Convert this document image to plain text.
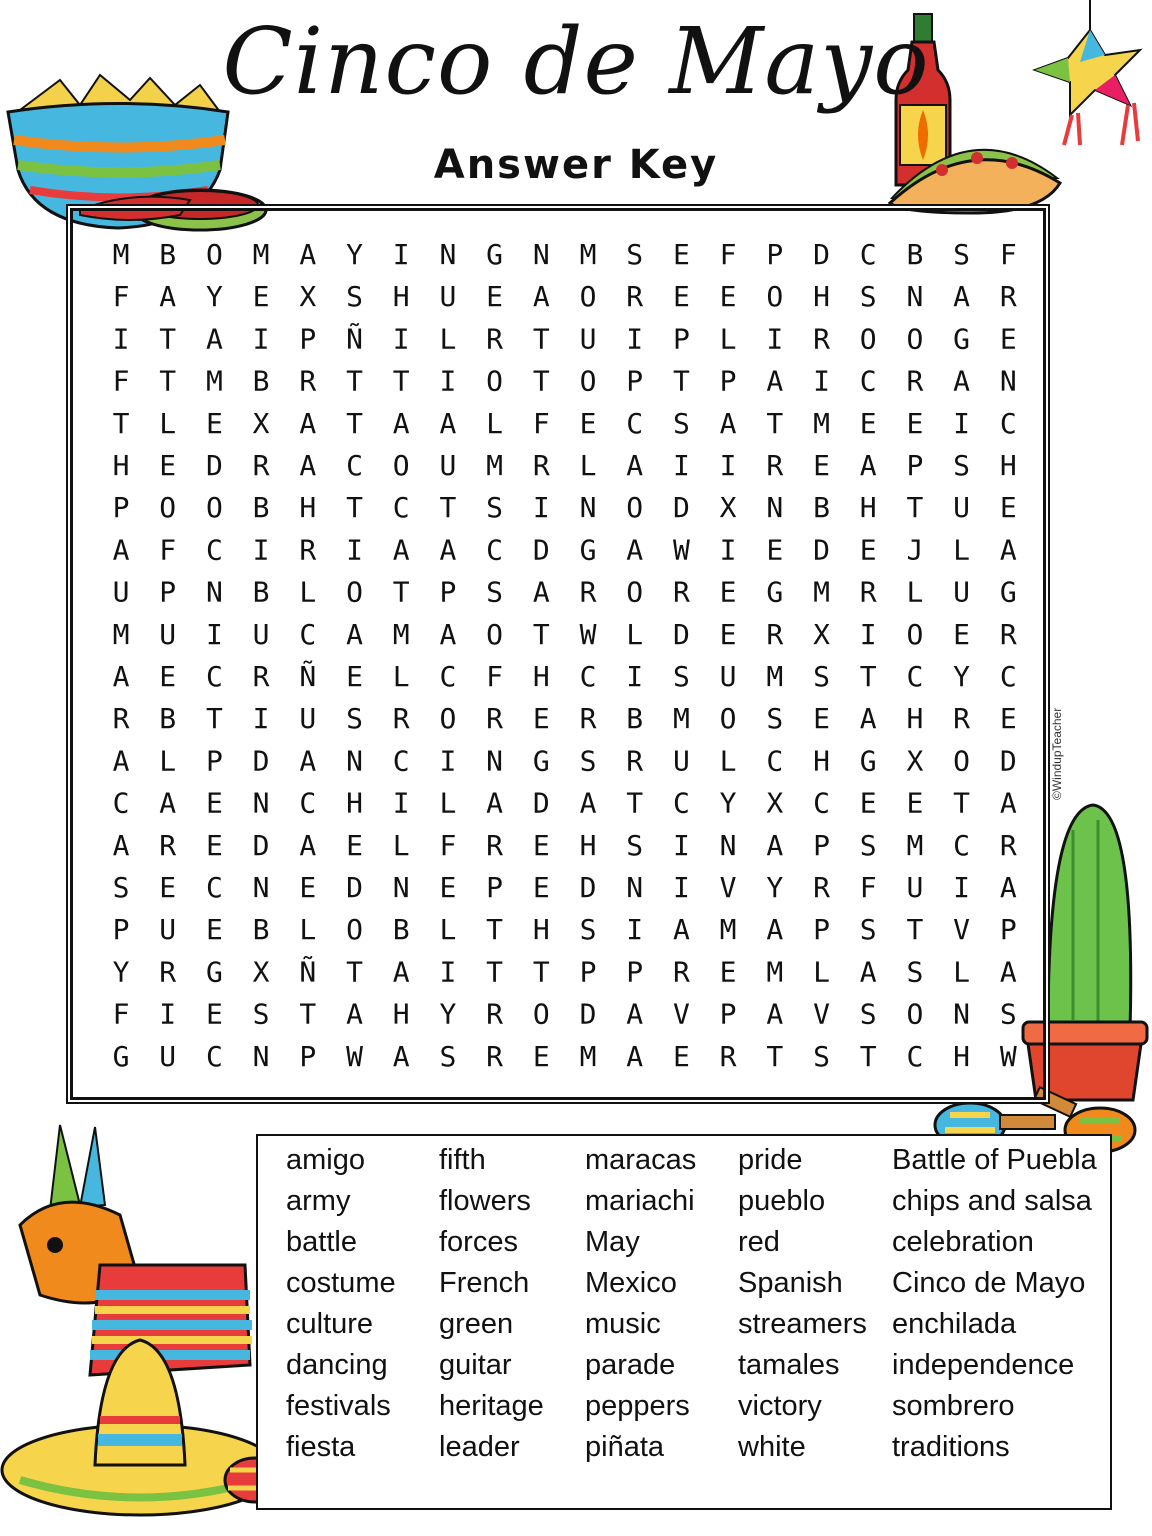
Cinco de Mayo
Answer Key
M B O M A Y I N G N M S E F P D C B S F
F A Y E X S H U E A O R E E O H S N A R
I T A I P Ñ I L R T U I P L I R O O G E
F T M B R T T I O T O P T P A I C R A N
T L E X A T A A L F E C S A T M E E I C
H E D R A C O U M R L A I I R E A P S H
P O O B H T C T S I N O D X N B H T U E
A F C I R I A A C D G A W I E D E J L A
U P N B L O T P S A R O R E G M R L U G
M U I U C A M A O T W L D E R X I O E R
A E C R Ñ E L C F H C I S U M S T C Y C
R B T I U S R O R E R B M O S E A H R E
A L P D A N C I N G S R U L C H G X O D
C A E N C H I L A D A T C Y X C E E T A
A R E D A E L F R E H S I N A P S M C R
S E C N E D N E P E D N I V Y R F U I A
P U E B L O B L T H S I A M A P S T V P
Y R G X Ñ T A I T T P P R E M L A S L A
F I E S T A H Y R O D A V P A V S O N S
G U C N P W A S R E M A E R T S T C H W
©WindupTeacher
amigo
army
battle
costume
culture
dancing
festivals
fiesta
fifth
flowers
forces
French
green
guitar
heritage
leader
maracas
mariachi
May
Mexico
music
parade
peppers
piñata
pride
pueblo
red
Spanish
streamers
tamales
victory
white
Battle of Puebla
chips and salsa
celebration
Cinco de Mayo
enchilada
independence
sombrero
traditions
